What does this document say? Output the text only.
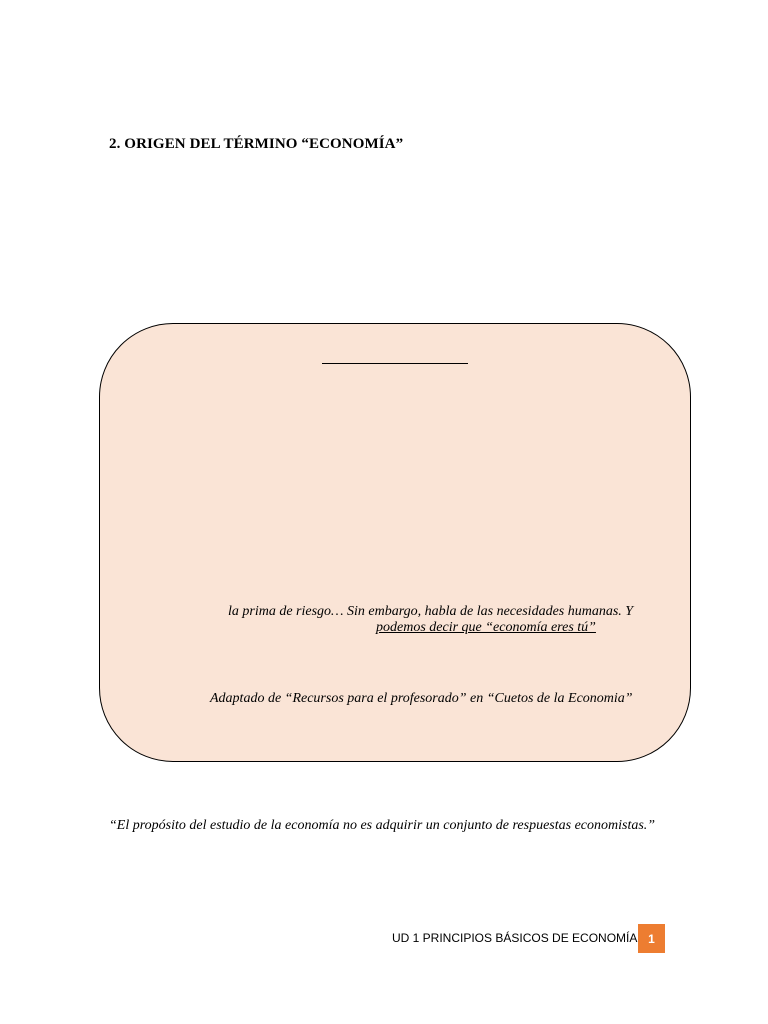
2. ORIGEN DEL TÉRMINO “ECONOMÍA”
la prima de riesgo… Sin embargo, habla de las necesidades humanas. Y
podemos decir que “economía eres tú”
Adaptado de “Recursos para el profesorado” en “Cuetos de la Economia”
“El propósito del estudio de la economía no es adquirir un conjunto de respuestas economistas.”
UD 1 PRINCIPIOS BÁSICOS DE ECONOMÍA 1
